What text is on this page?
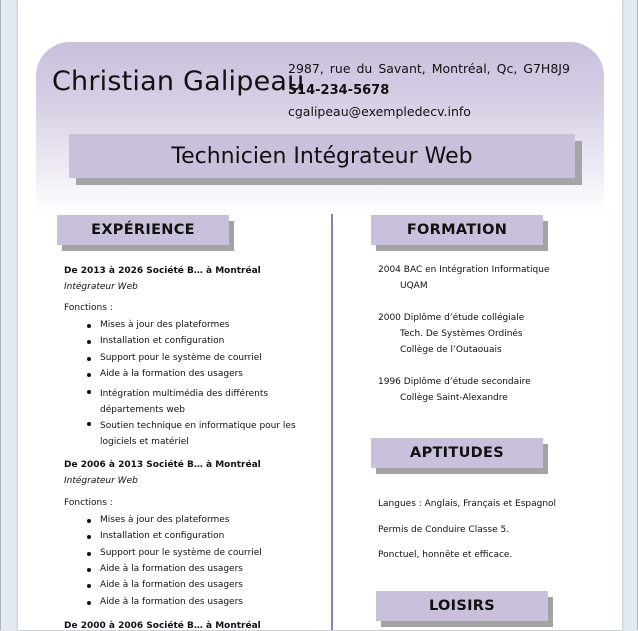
Christian Galipeau
2987, rue du Savant, Montréal, Qc, G7H8J9
514-234-5678
cgalipeau@exempledecv.info
Technicien Intégrateur Web
EXPÉRIENCE
De 2013 à 2026 Société B… à Montréal
Intégrateur Web
Fonctions :
Mises à jour des plateformes
Installation et configuration
Support pour le système de courriel
Aide à la formation des usagers
Intégration multimédia des différents départements web
Soutien technique en informatique pour les logiciels et matériel
De 2006 à 2013 Société B… à Montréal
Intégrateur Web
Fonctions :
Mises à jour des plateformes
Installation et configuration
Support pour le système de courriel
Aide à la formation des usagers
Aide à la formation des usagers
Aide à la formation des usagers
De 2000 à 2006 Société B… à Montréal
FORMATION
2004 BAC en Intégration Informatique
UQAM
2000 Diplôme d’étude collégiale
Tech. De Systèmes Ordinés
Collège de l’Outaouais
1996 Diplôme d’étude secondaire
Collège Saint-Alexandre
APTITUDES
Langues : Anglais, Français et Espagnol
Permis de Conduire Classe 5.
Ponctuel, honnête et efficace.
LOISIRS
